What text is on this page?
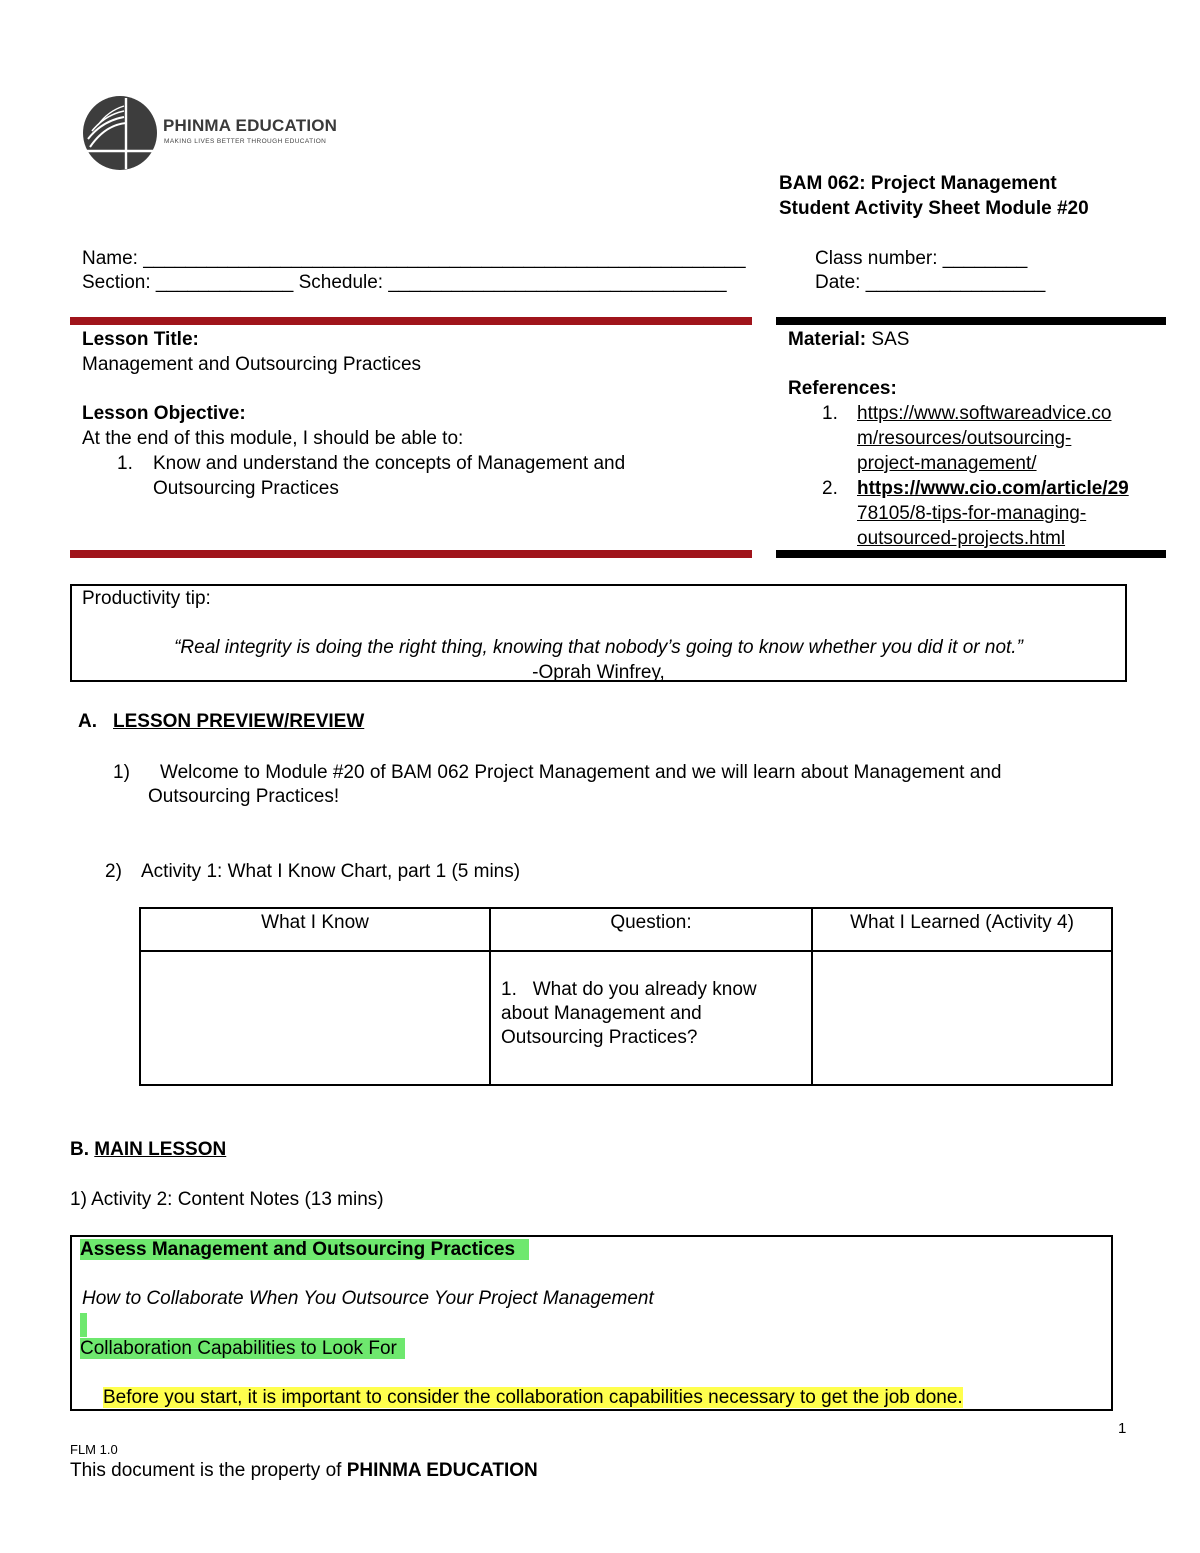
PHINMA EDUCATION
MAKING LIVES BETTER THROUGH EDUCATION
BAM 062: Project Management
Student Activity Sheet Module #20
Name: _________________________________________________________
Section: _____________ Schedule: ________________________________
Class number: ________
Date: _________________
Lesson Title:
Management and Outsourcing Practices
Lesson Objective:
At the end of this module, I should be able to:
1. Know and understand the concepts of Management and
Outsourcing Practices
Material: SAS
References:
1. https://www.softwareadvice.co
m/resources/outsourcing-
project-management/
2. https://www.cio.com/article/29
78105/8-tips-for-managing-
outsourced-projects.html
Productivity tip:
“Real integrity is doing the right thing, knowing that nobody’s going to know whether you did it or not.”
-Oprah Winfrey,
A. LESSON PREVIEW/REVIEW
1) Welcome to Module #20 of BAM 062 Project Management and we will learn about Management and
Outsourcing Practices!
2) Activity 1: What I Know Chart, part 1 (5 mins)
What I Know	Question:	What I Learned (Activity 4)

	1. What do you already know
about Management and
Outsourcing Practices?	

B. MAIN LESSON
1) Activity 2: Content Notes (13 mins)
Assess Management and Outsourcing Practices
How to Collaborate When You Outsource Your Project Management
Collaboration Capabilities to Look For
Before you start, it is important to consider the collaboration capabilities necessary to get the job done.
1
FLM 1.0
This document is the property of PHINMA EDUCATION
